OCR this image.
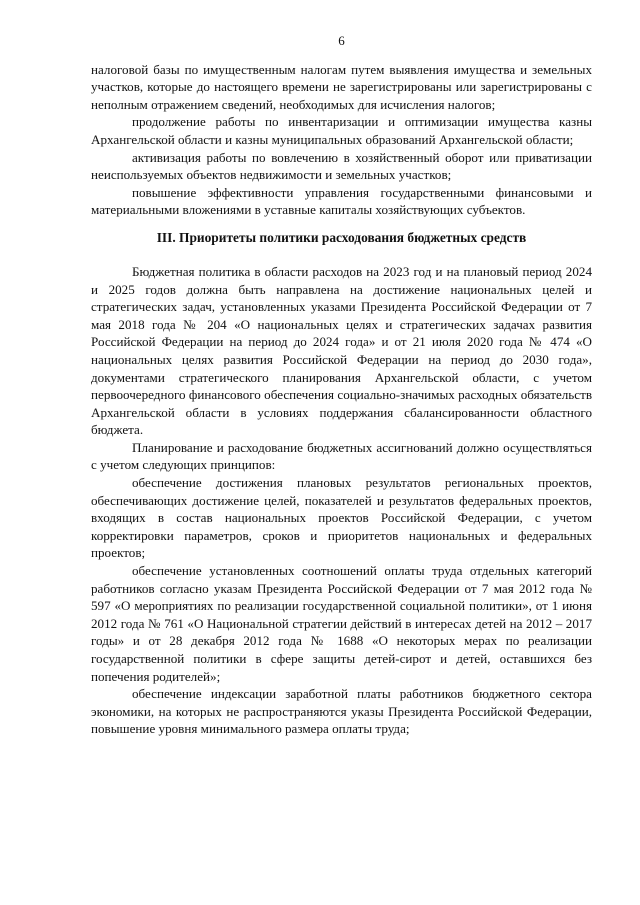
6

налоговой базы по имущественным налогам путем выявления имущества и земельных участков, которые до настоящего времени не зарегистрированы или зарегистрированы с неполным отражением сведений, необходимых для исчисления налогов;

продолжение работы по инвентаризации и оптимизации имущества казны Архангельской области и казны муниципальных образований Архангельской области;

активизация работы по вовлечению в хозяйственный оборот или приватизации неиспользуемых объектов недвижимости и земельных участков;

повышение эффективности управления государственными финансовыми и материальными вложениями в уставные капиталы хозяйствующих субъектов.

III. Приоритеты политики расходования бюджетных средств

Бюджетная политика в области расходов на 2023 год и на плановый период 2024 и 2025 годов должна быть направлена на достижение национальных целей и стратегических задач, установленных указами Президента Российской Федерации от 7 мая 2018 года № 204 «О национальных целях и стратегических задачах развития Российской Федерации на период до 2024 года» и от 21 июля 2020 года № 474 «О национальных целях развития Российской Федерации на период до 2030 года», документами стратегического планирования Архангельской области, с учетом первоочередного финансового обеспечения социально-значимых расходных обязательств Архангельской области в условиях поддержания сбалансированности областного бюджета.

Планирование и расходование бюджетных ассигнований должно осуществляться с учетом следующих принципов:

обеспечение достижения плановых результатов региональных проектов, обеспечивающих достижение целей, показателей и результатов федеральных проектов, входящих в состав национальных проектов Российской Федерации, с учетом корректировки параметров, сроков и приоритетов национальных и федеральных проектов;

обеспечение установленных соотношений оплаты труда отдельных категорий работников согласно указам Президента Российской Федерации от 7 мая 2012 года № 597 «О мероприятиях по реализации государственной социальной политики», от 1 июня 2012 года № 761 «О Национальной стратегии действий в интересах детей на 2012 – 2017 годы» и от 28 декабря 2012 года № 1688 «О некоторых мерах по реализации государственной политики в сфере защиты детей-сирот и детей, оставшихся без попечения родителей»;

обеспечение индексации заработной платы работников бюджетного сектора экономики, на которых не распространяются указы Президента Российской Федерации, повышение уровня минимального размера оплаты труда;
